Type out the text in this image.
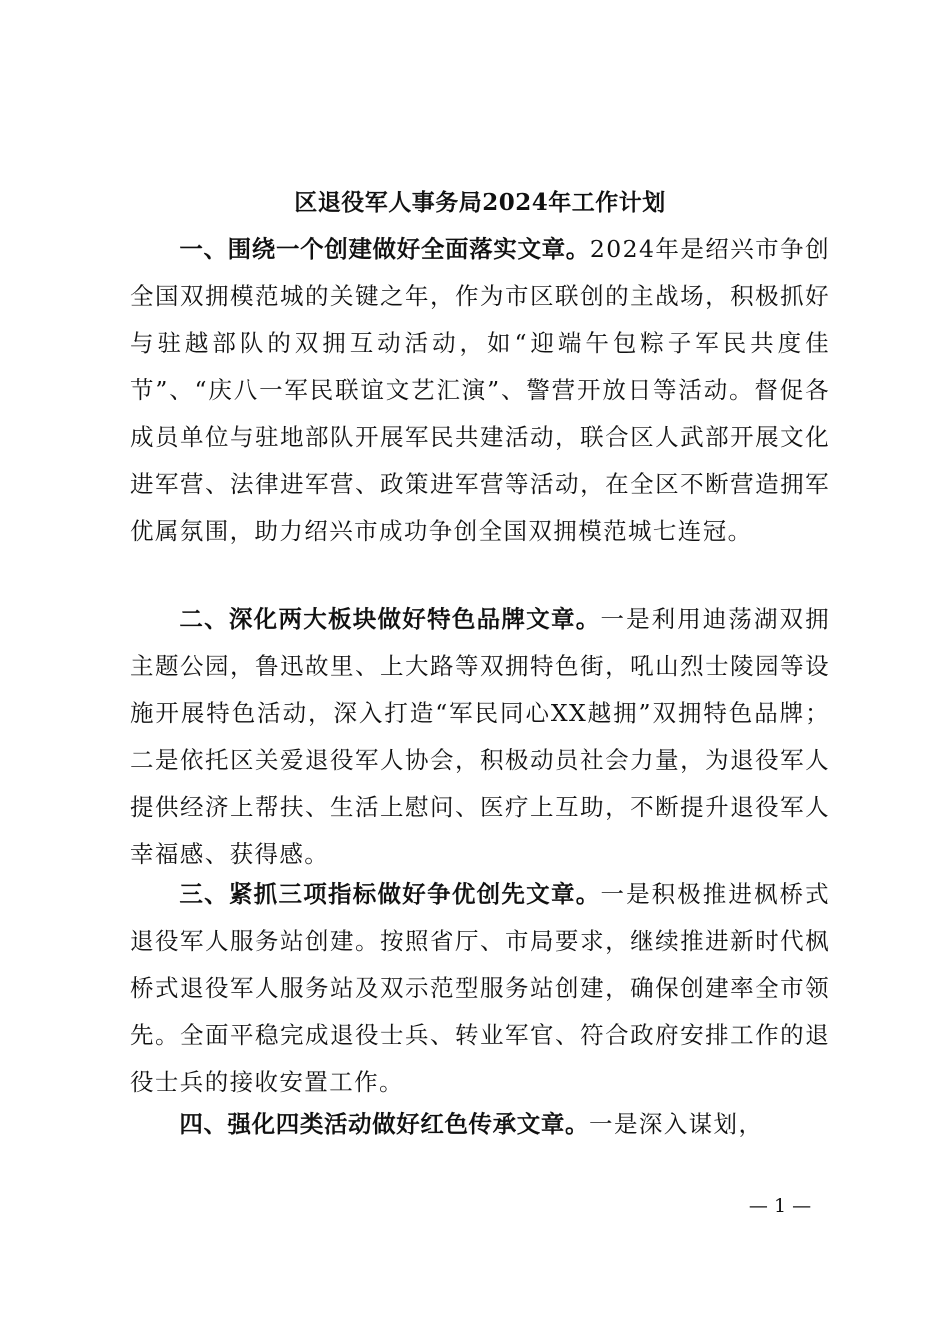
区退役军人事务局2024年工作计划

一、围绕一个创建做好全面落实文章。2024年是绍兴市争创全国双拥模范城的关键之年，作为市区联创的主战场，积极抓好与驻越部队的双拥互动活动，如“迎端午包粽子军民共度佳节”、“庆八一军民联谊文艺汇演”、警营开放日等活动。督促各成员单位与驻地部队开展军民共建活动，联合区人武部开展文化进军营、法律进军营、政策进军营等活动，在全区不断营造拥军优属氛围，助力绍兴市成功争创全国双拥模范城七连冠。

二、深化两大板块做好特色品牌文章。一是利用迪荡湖双拥主题公园，鲁迅故里、上大路等双拥特色街，吼山烈士陵园等设施开展特色活动，深入打造“军民同心XX越拥”双拥特色品牌；二是依托区关爱退役军人协会，积极动员社会力量，为退役军人提供经济上帮扶、生活上慰问、医疗上互助，不断提升退役军人幸福感、获得感。

三、紧抓三项指标做好争优创先文章。一是积极推进枫桥式退役军人服务站创建。按照省厅、市局要求，继续推进新时代枫桥式退役军人服务站及双示范型服务站创建，确保创建率全市领先。全面平稳完成退役士兵、转业军官、符合政府安排工作的退役士兵的接收安置工作。

四、强化四类活动做好红色传承文章。一是深入谋划，

— 1 —
